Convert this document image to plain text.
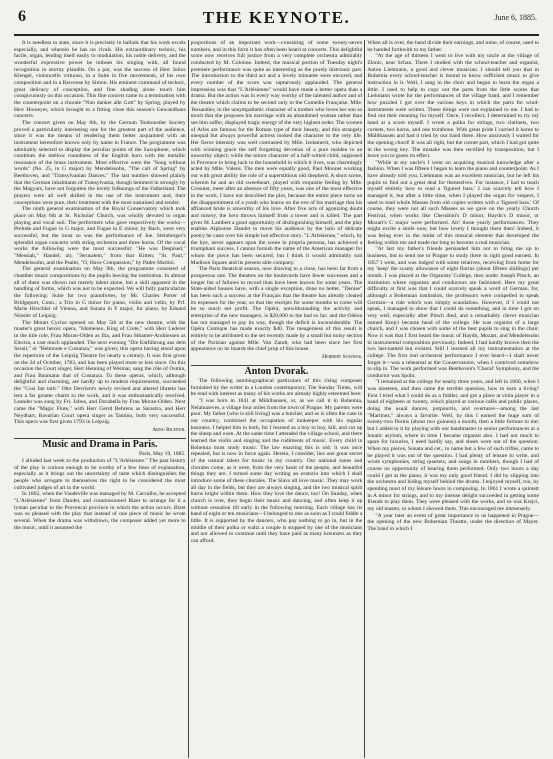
6	THE KEYNOTE.	June 6, 1885.

It is needless to state, since it is precisely in ballads that his work excels especially, and wherein he has no rivals. His extraordinary technic, his facile, organ, lending itself easily to modulation, his noble delivery, and the wonderful expressive power he imbues his singing with, all found recognition in stormy plaudits. On a par, was the success of Herr Julius Klengel, violoncello virtuoso, in a Suite in five movements, of his own composition and in a Berceuse by Simon. His eminent command of technic, great delicacy of conception, and fine shading alone touch him conspicuously on this occasion. This fine concert came to a termination with the counterpoint on a chorale "Nun danket alle Gott" by Spring, played by Herr Homeyer, which brought to a fitting close this season's Gewandhaus concerts.

The concert given on May 8th, by the German Tonkunstler Society proved a particularly interesting one for the greatest part of the audience, since it was the means of rendering them better acquainted with an instrument heretofore known only by name in France. The programme was admirably selected to display the peculiar points of the Saxophone, which combines the mellow roundness of the English horn with the metallic resonance of the brass instrument. Most effective were the "Song without words" (No. 25, in G major) by Mendelssohn, "The call of Spring" by Beethoven, and "Transylvanian Dances." The last number showed plainly that the German inhabitants of Transylvania, though hemmed in strongly by the Magyars, have not forgotten the lovely folksongs of the Fatherland. The players were all well skilled in the use of the instrument and, their conceptions were pure, their treatment with the most sustained and tender.

The ninth general examination of the Royal Conservatory which took place on May 6th at St. Nicholas' Church, was wholly devoted to organ playing and vocal soli. The performers who gave respectively the works—Prelude and Fugue in G major, and Fugue in E minor, by Bach, were very successful, but the most so was the performance of Joe. Steinberger's splendid organ concerto with string orchestra and three horns. Of the vocal works the following were the most successful: "He was Despised," "Messiah," Handel; air, "Jerusalem," from that Kitten; "St. Paul," Mendelssohn, and the Psalm, "O, Have Compassion," by Padre Martini.

The general examination on May 9th, the programme consisted of chamber music compositions by the pupils leaving the institution. In almost all of them was shown not merely talent alone, but a skill apparent in the handling of forms, which was not to be expected. We will fully particularize the following: Suite for two pianofortes, by Mr. Charles Porter of Bridgeport, Conn.; a Trio in G minor for piano, violin and 'cello, by Prf. Marie Hirschler of Vienna, and Sonata in F major, for piano, by Eduard Nössler of Leipzig.

The Motart Cyclus opened on May 5th at the new theatre, with the master's great heroic opera, "Idomeneo, King of Crete," with Herr Lederer in the title role, Frau Moran-Olden as Ilia, and Frau Sthamer-Andriessen as Electra, a cast much applauded. The next evening "Die Entführung aus dem Serail," or "Belmonte e Costanza," was given; this opera having stood upon the repertoire of the Leipzig Theatre for nearly a century. It was first given on the 2d of October, 1783, and has been played more or less since. On this occasion the Court singer, Herr Henning of Weimar, sang the rôle of Osmin, and Frau Baumann that of Costanza. To these operas, which, although delightful and charming, are hardly up to modern requirements, succeeded the "Cosi fan tutti." Otto Devrient's newly revised and altered libretto has lent a far greater charm to the work, and it was enthusiastically received. Leander was sung by Fri. Jobns, and Dorabella by Frau Moran-Olden. Next came the "Magic Flute," with Herr Gerrd Bebrens as Sarastro, and Herr Neydhart, Bavarian Court opera singer as Tamino, both very successful. This opera was first given 1793 in Leipzig.

Arno Richter.
Music and Drama in Paris.
Paris, May 19, 1885.

I alluded last week to the production of "L'Arlésienne." The past history of the play is curious enough to be worthy of a few lines of explanation, especially as it brings out the uncertainty of taste which distinguishes the people who arrogate to themselves the right to be considered the most cultivated judges of art in the world.

In 1862, when the Vaudeville was managed by M. Carvalho, he accepted "L'Arlésienne" from Daudet, and commissioned Bizet to arrange for it a lyman peculiar to the Provencal province in which the action occurs. Bizet was so pleased with the play that instead of one piece of music he wrote several. When the drama was withdrawn, the composer added yet more to the music, until it assumed the

proportions of an important work—consisting of some twenty-seven numbers, and in this form it has often been heard at concerts. This delightful score now receives full justice from a very complete orchestra admirably conducted by M. Colonne. Indeed, the musical portion of Tuesday night's premiere performance was quite as interesting as the purely histrionic part. The introduction to the third act and a lovely minuette were encored, and every number of the score was rapturously applauded. The general impression was that "L'Arlésienne" would have made a better opera than a drama. But the action was in every way worthy of the talented author and of the theatre which claims to be second only to the Comédie Française. Mlle. Tessandier, in the unsympathetic character of a mother who loves her son so much that she proposes his marriage with an abandoned woman rather than see him suffer, displayed tragic energy of the very highest order. The women of Arles are famous for the Roman type of their beauty, and this strangely unequal but always powerful actress looked the character to the very life. Her fierce intensity was well contrasted by Mlle. Izelamerit, who depicted with winning grace the self forgetting devotion of a pure maiden to an unworthy object; while the minor character of a half-witted child, supposed in Provence to bring luck to the household in which it lives, was charmingly acted by Mlle. Valens. The men were equally good, Paul Mounet working out with great ability the role of a superstitious old shepherd. A short scene, wherein he and an old sweetheart, played with exquisite feeling by Mlle. Crosnier, meet after an absence of fifty years, was one of the most effective in the work. I have not described the plot, because the entire piece turns on the disappointment of a youth who learns on the eve of his marriage that his affianced bride is unworthy of his love. After five acts of agonizing doubt and misery, the hero throws himself from a tower and is killed. The part gives M. Lambert a good opportunity of distinguishing himself, and the play enables Alphonse Daudet to move his audience by the halo of delicate poetry he casts over his simple but effective story. "L'Arlésienne," which, by the bye, never appears upon the scene in propria persona, has achieved a triumphant success. I cannot furnish the name of the American manager for whom the piece has been secured, but I think it would admirably suit Madison Square and its present able company.

The Paris theatrical season, now drawing to a close, has been far from a prosperous one. The theatres on the boulevards have fewer successes and a longer list of failures to record than have been known for some years. The State-aided houses have, with a single exception, done no better. "Denise" has been such a success at the Français that the theatre has already cleared its expenses for the year, so that the receipts for some months to come will be so much net profit. The Opéra, notwithstanding the activity and enterprise of the new managers, is $20,000 to the bad so far; and the Odéon has not managed to pay its way, though the deficit is inconsiderable. The Opéra Comique has made exactly $40. The meagerness of this result is entirely to be attributed to the set recently made by a small but noisy section of the Parisian against Mlle. Van Zandt, who had been since her first appearance on its boards the chief prop of this house.

Herbert Stavros.
Anton Dvorak.

The following autobiographical particulars of this rising composer furnished by the writer to a London contemporary, The Sunday Times, will be read with interest as many of his works are already highly esteemed here:

"I was born in 1841 at Mühlhausen, or, as we call it in Bohemia, Nelahozeves, a village four miles from the town of Prague. My parents were poor. My father (who is still living) was a butcher, and as is often the case in our country, combined the occupation of innkeeper with his regular business. I helped him in both, for I learned as a boy to buy, kill, and cut up the sheep and oxen. At the same time I attended the village school, and there learned the violin and singing and the rudiments of music. Every child in Bohemia must study music. The law enacting this is old; it was once repealed, but is now in force again. Herein, I consider, lies one great secret of the natural talent for music in my country. Our national tunes and chorales come, as it were, from the very heart of the people, and beautiful things they are. I turned some day writing an oratorio into which I shall introduce some of these chorales. The Slavs all love music. They may work all day in the fields, but they are always singing, and the two musical spirit burns bright within them. How they love the dance, too! On Sunday, when church is over, they begin their music and dancing, and often keep it up without cessation till early in the following morning. Each village has its band of eight or ten musicians—I belonged to one as soon as I could fiddle a little. It is supported by the dancers, who pay nothing to go in, but in the middle of their polka or waltz a couple is stopped by one of the musicians and not allowed to continue until they have paid as many kreutzers as they can afford.

When all is over, the band divide their earnings, and mine, of course, used to be handed forthwith to my father.

"At the age of thirteen I went to live with my uncle at the village of Zlonic, near Schan. There I studied with the school-teacher and organist, Anton Liehmann, a good and clever musician. I should tell you that in Bohemia every school-teacher is bound to know sufficient music to give instruction in it. Well, I sang in the choir and began to learn the organ a little. I used to help to copy out the parts from the little scores that Liehmann wrote for the performances of the village band, and I remember how puzzled I got over the various keys in which the parts for wind-instruments were written. These things were not explained to me. I had to find out their meaning for myself. Once, I recollect, I determined to try my hand at a score myself. I wrote a polka for strings, two clarinets, two cornets, two horns, and one trombone. With great pride I carried it home to Mühlhausen and had it tried by our band there. How anxiously I waited for the opening chord! It was all right, but the cornet part, which I had got quite in the wrong key. The mistake was then rectified by transposition, but I leave you to guess its effect.

"While at my uncle's I went on acquiring musical knowledge after a fashion. When I was fifteen I began to learn the piano and counterpoint. As I have already told you, Liehmann was an excellent musician, but he left his pupils to find out a great deal for themselves. For instance, I had to teach myself entirely how to read a 'figured bass.' I can scarcely tell how I managed it, but after a little time, when I played the organ for vespers, I used to read whole Masses from old copies written with a 'figured bass.' Of course, they were not all such Masses as we gave on the yearly Church Festival, when works like Cherubini's D minor, Haydn's D minor, or Mozart's C major were performed. Ah! those yearly performances. They might excite a smile now, but how lovely I thought them then! Indeed, it was being ever in the midst of this musical element that developed the feeling within me and made me long to become a real musician.

"At last my father's friends persuaded him not to bring me up to business, but to send me to Prague to study there in right good earnest. In 1857 I went, and was lodged with some relatives, receiving from home for my 'keep' the scanty allowance of eight florins (about fifteen shillings) per month. I was placed at the Organists' College, then under Joseph Pitsch, an institution where organists and conductors are fashioned. Here my great difficulty at first was that I could scarcely speak a word of German, for, although a Bohemian institution, the professors were compelled to speak German—a rule which was simply scandalous. However, if I could not speak, I managed to show that I could do something, and in time I got on very well, especially after Pitsch died, and a remarkably clever musician named Krejci became head of the college. He was organist of a large church, and I was chosen with some of the best pupils to sing in the choir. Now it was that I first heard the music of Haydn, Mozart, and Mendelssohn in instrumental composition previously. Indeed, I had hardly known then the two last-named but existed. Still I learned all my instrumentation at the college. The first real orchestral performance I ever heard—I shall never forget it—was a rehearsal at the Conservatoire, when I contrived somehow to slip in. The work performed was Beethoven's 'Choral' Symphony, and the conductor was Spohr.

"I remained at the college for nearly three years, and left in 1860, when I was nineteen, and then came the terrible question, how to earn a living? First I tried what I could do as a fiddler, and got a place at viola player in a band of eighteen or twenty, which played at various cafés and public places, doing the usual dances, potpourris, and overtures—among the last "Martinez," always a favorite. Well, by this I earned the huge sum of twenty-two florins (about two guineas) a month, then a little fortune to me; but I added to it by playing with our bandmaster in senior performances at a lunatic asylum, where in time I became organist also. I had not much to spare for luxuries, I need hardly say, and shoes were out of the question. When my pieces, Sonata and cet., to name but a few of such trifles, came to be played it was out of the question. I had plenty of leisure to write, and wrote symphonies, string quartets, and songs in numbers, though I had of course no opportunity of hearing them performed. Only two hours a day could I get at the piano, it was my only good friend. I did by slipping into the orchestra and hiding myself behind the drums. I enjoyed myself, too, by spending most of my leisure hours in composing. In 1861 I wrote a quintett in A minor for strings, and to my intense delight succeeded in getting some friends to play them. They were pleased with the works, and so was Krejci, my old master, to whom I showed them. This encouraged me immensely.

"A year later an event of great importance to us happened in Prague—the opening of the new Bohemian Theatre, under the direction of Mayer. The band in which I
